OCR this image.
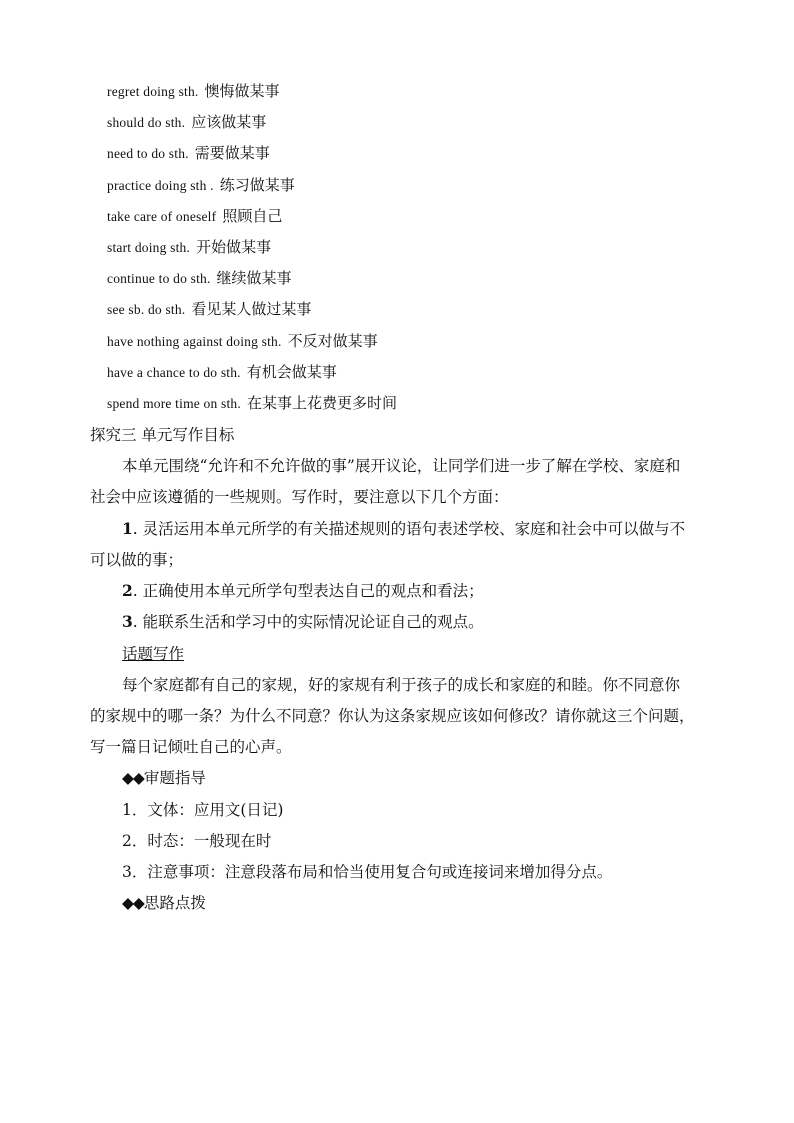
regret doing sth. 懊悔做某事
should do sth. 应该做某事
need to do sth. 需要做某事
practice doing sth . 练习做某事
take care of oneself 照顾自己
start doing sth. 开始做某事
continue to do sth. 继续做某事
see sb. do sth. 看见某人做过某事
have nothing against doing sth. 不反对做某事
have a chance to do sth. 有机会做某事
spend more time on sth. 在某事上花费更多时间
探究三 单元写作目标
本单元围绕“允许和不允许做的事”展开议论，让同学们进一步了解在学校、家庭和
社会中应该遵循的一些规则。写作时，要注意以下几个方面：
1. 灵活运用本单元所学的有关描述规则的语句表述学校、家庭和社会中可以做与不
可以做的事；
2. 正确使用本单元所学句型表达自己的观点和看法；
3. 能联系生活和学习中的实际情况论证自己的观点。
话题写作
每个家庭都有自己的家规，好的家规有利于孩子的成长和家庭的和睦。你不同意你
的家规中的哪一条？为什么不同意？你认为这条家规应该如何修改？请你就这三个问题，
写一篇日记倾吐自己的心声。
◆◆审题指导
1．文体：应用文(日记)
2．时态：一般现在时
3．注意事项：注意段落布局和恰当使用复合句或连接词来增加得分点。
◆◆思路点拨
